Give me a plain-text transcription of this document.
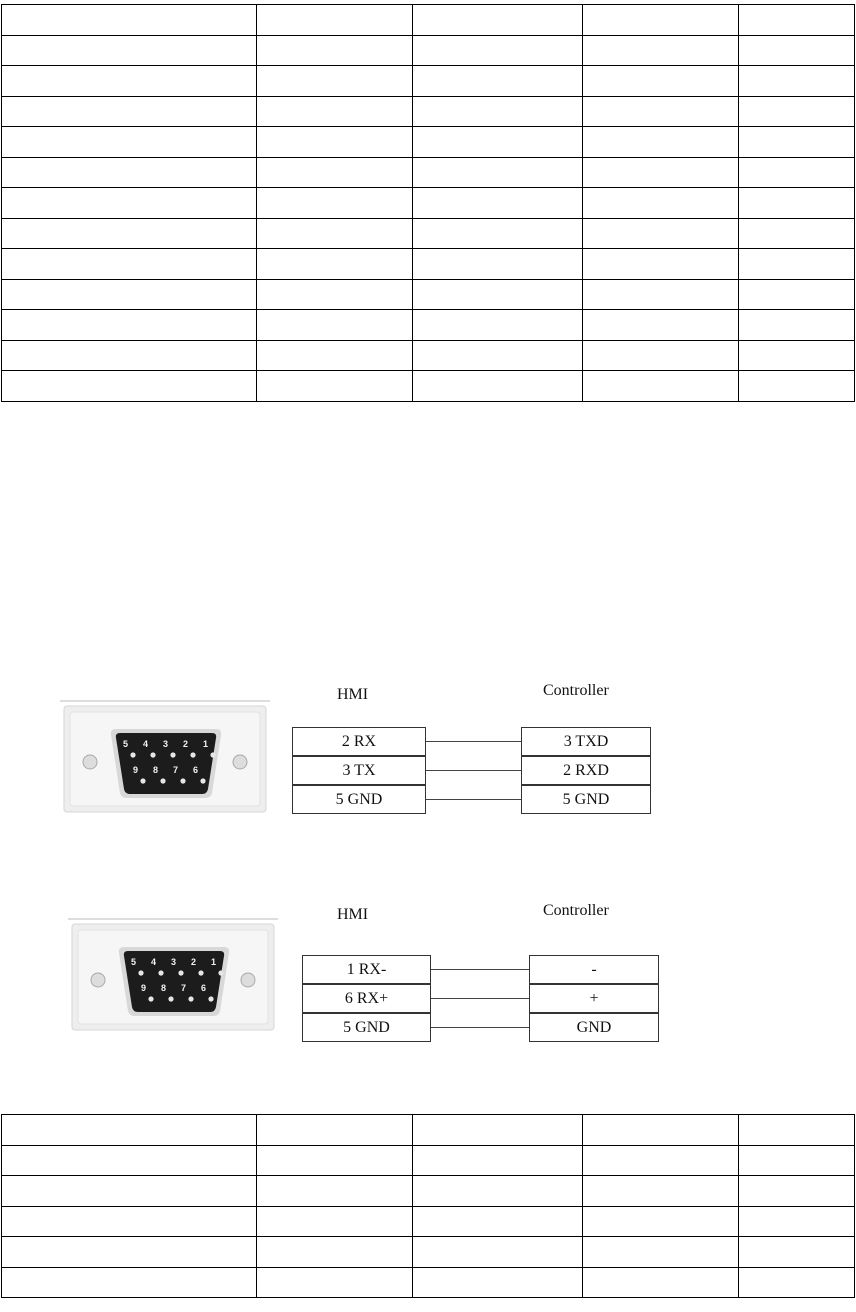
5 4 3 2 1
9 8 7 6
HMI	Controller
2 RX	3 TXD
3 TX	2 RXD
5 GND	5 GND
5 4 3 2 1
9 8 7 6
HMI	Controller
1 RX-	-
6 RX+	+
5 GND	GND
